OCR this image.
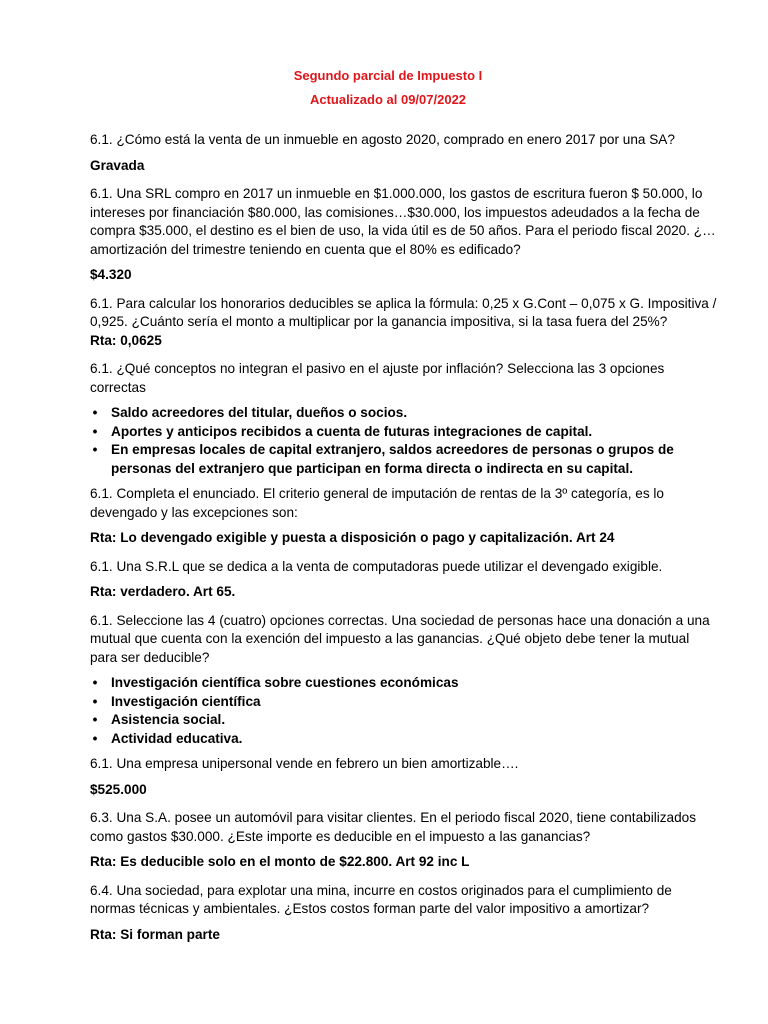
Segundo parcial de Impuesto I
Actualizado al 09/07/2022

6.1. ¿Cómo está la venta de un inmueble en agosto 2020, comprado en enero 2017 por una SA?

Gravada

6.1. Una SRL compro en 2017 un inmueble en $1.000.000, los gastos de escritura fueron $ 50.000, lo intereses por financiación $80.000, las comisiones…$30.000, los impuestos adeudados a la fecha de compra $35.000, el destino es el bien de uso, la vida útil es de 50 años. Para el periodo fiscal 2020. ¿… amortización del trimestre teniendo en cuenta que el 80% es edificado?

$4.320

6.1. Para calcular los honorarios deducibles se aplica la fórmula: 0,25 x G.Cont – 0,075 x G. Impositiva / 0,925. ¿Cuánto sería el monto a multiplicar por la ganancia impositiva, si la tasa fuera del 25%?

Rta: 0,0625

6.1. ¿Qué conceptos no integran el pasivo en el ajuste por inflación? Selecciona las 3 opciones correctas

• Saldo acreedores del titular, dueños o socios.
• Aportes y anticipos recibidos a cuenta de futuras integraciones de capital.
• En empresas locales de capital extranjero, saldos acreedores de personas o grupos de personas del extranjero que participan en forma directa o indirecta en su capital.

6.1. Completa el enunciado. El criterio general de imputación de rentas de la 3º categoría, es lo devengado y las excepciones son:

Rta: Lo devengado exigible y puesta a disposición o pago y capitalización. Art 24

6.1. Una S.R.L que se dedica a la venta de computadoras puede utilizar el devengado exigible.

Rta: verdadero. Art 65.

6.1. Seleccione las 4 (cuatro) opciones correctas. Una sociedad de personas hace una donación a una mutual que cuenta con la exención del impuesto a las ganancias. ¿Qué objeto debe tener la mutual para ser deducible?

• Investigación científica sobre cuestiones económicas
• Investigación científica
• Asistencia social.
• Actividad educativa.

6.1. Una empresa unipersonal vende en febrero un bien amortizable….

$525.000

6.3. Una S.A. posee un automóvil para visitar clientes. En el periodo fiscal 2020, tiene contabilizados como gastos $30.000. ¿Este importe es deducible en el impuesto a las ganancias?

Rta: Es deducible solo en el monto de $22.800. Art 92 inc L

6.4. Una sociedad, para explotar una mina, incurre en costos originados para el cumplimiento de normas técnicas y ambientales. ¿Estos costos forman parte del valor impositivo a amortizar?

Rta: Si forman parte
